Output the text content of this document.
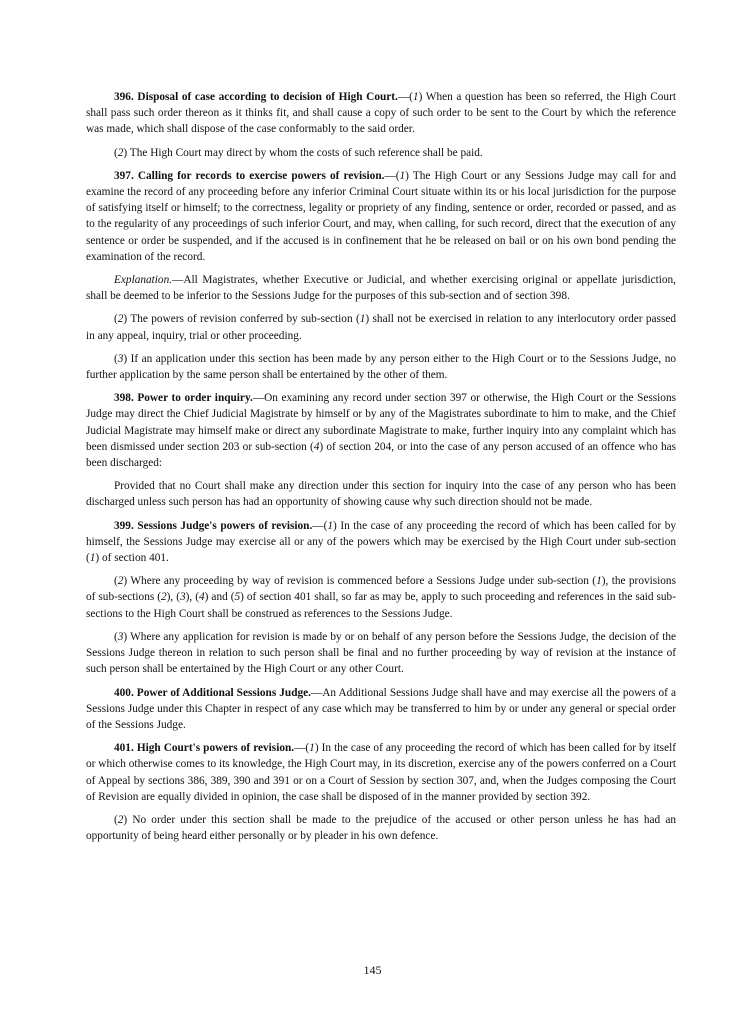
396. Disposal of case according to decision of High Court.—(1) When a question has been so referred, the High Court shall pass such order thereon as it thinks fit, and shall cause a copy of such order to be sent to the Court by which the reference was made, which shall dispose of the case conformably to the said order.

(2) The High Court may direct by whom the costs of such reference shall be paid.

397. Calling for records to exercise powers of revision.—(1) The High Court or any Sessions Judge may call for and examine the record of any proceeding before any inferior Criminal Court situate within its or his local jurisdiction for the purpose of satisfying itself or himself; to the correctness, legality or propriety of any finding, sentence or order, recorded or passed, and as to the regularity of any proceedings of such inferior Court, and may, when calling, for such record, direct that the execution of any sentence or order be suspended, and if the accused is in confinement that he be released on bail or on his own bond pending the examination of the record.

Explanation.—All Magistrates, whether Executive or Judicial, and whether exercising original or appellate jurisdiction, shall be deemed to be inferior to the Sessions Judge for the purposes of this sub-section and of section 398.

(2) The powers of revision conferred by sub-section (1) shall not be exercised in relation to any interlocutory order passed in any appeal, inquiry, trial or other proceeding.

(3) If an application under this section has been made by any person either to the High Court or to the Sessions Judge, no further application by the same person shall be entertained by the other of them.

398. Power to order inquiry.—On examining any record under section 397 or otherwise, the High Court or the Sessions Judge may direct the Chief Judicial Magistrate by himself or by any of the Magistrates subordinate to him to make, and the Chief Judicial Magistrate may himself make or direct any subordinate Magistrate to make, further inquiry into any complaint which has been dismissed under section 203 or sub-section (4) of section 204, or into the case of any person accused of an offence who has been discharged:

Provided that no Court shall make any direction under this section for inquiry into the case of any person who has been discharged unless such person has had an opportunity of showing cause why such direction should not be made.

399. Sessions Judge's powers of revision.—(1) In the case of any proceeding the record of which has been called for by himself, the Sessions Judge may exercise all or any of the powers which may be exercised by the High Court under sub-section (1) of section 401.

(2) Where any proceeding by way of revision is commenced before a Sessions Judge under sub-section (1), the provisions of sub-sections (2), (3), (4) and (5) of section 401 shall, so far as may be, apply to such proceeding and references in the said sub-sections to the High Court shall be construed as references to the Sessions Judge.

(3) Where any application for revision is made by or on behalf of any person before the Sessions Judge, the decision of the Sessions Judge thereon in relation to such person shall be final and no further proceeding by way of revision at the instance of such person shall be entertained by the High Court or any other Court.

400. Power of Additional Sessions Judge.—An Additional Sessions Judge shall have and may exercise all the powers of a Sessions Judge under this Chapter in respect of any case which may be transferred to him by or under any general or special order of the Sessions Judge.

401. High Court's powers of revision.—(1) In the case of any proceeding the record of which has been called for by itself or which otherwise comes to its knowledge, the High Court may, in its discretion, exercise any of the powers conferred on a Court of Appeal by sections 386, 389, 390 and 391 or on a Court of Session by section 307, and, when the Judges composing the Court of Revision are equally divided in opinion, the case shall be disposed of in the manner provided by section 392.

(2) No order under this section shall be made to the prejudice of the accused or other person unless he has had an opportunity of being heard either personally or by pleader in his own defence.

145
